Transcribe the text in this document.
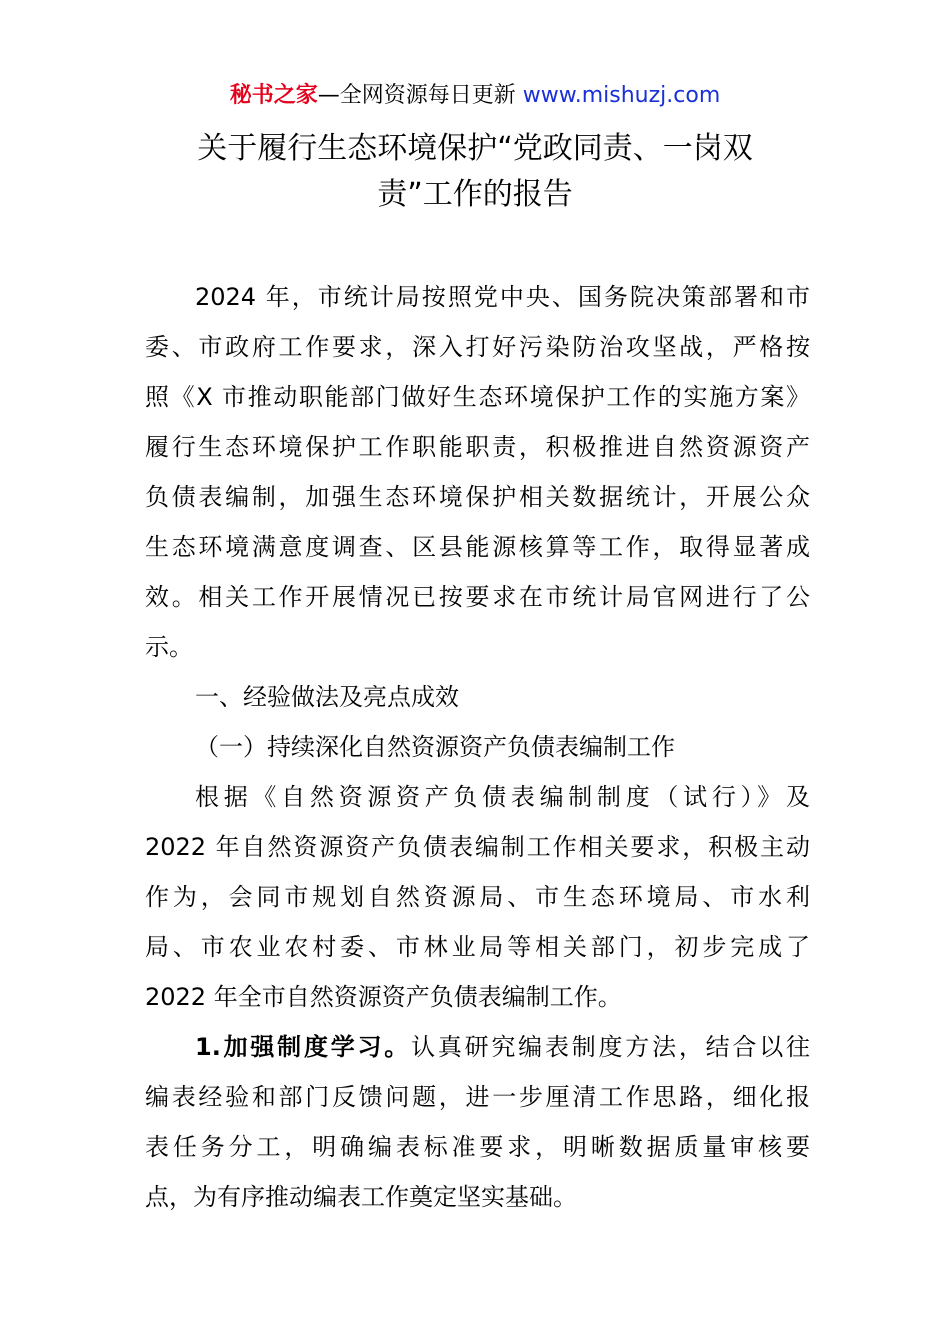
秘书之家—全网资源每日更新 www.mishuzj.com
关于履行生态环境保护“党政同责、一岗双
责”工作的报告
2024 年，市统计局按照党中央、国务院决策部署和市
委、市政府工作要求，深入打好污染防治攻坚战，严格按
照《X 市推动职能部门做好生态环境保护工作的实施方案》
履行生态环境保护工作职能职责，积极推进自然资源资产
负债表编制，加强生态环境保护相关数据统计，开展公众
生态环境满意度调查、区县能源核算等工作，取得显著成
效。相关工作开展情况已按要求在市统计局官网进行了公
示。
一、经验做法及亮点成效
（一）持续深化自然资源资产负债表编制工作
根据《自然资源资产负债表编制制度（试行）》及
2022 年自然资源资产负债表编制工作相关要求，积极主动
作为，会同市规划自然资源局、市生态环境局、市水利
局、市农业农村委、市林业局等相关部门，初步完成了
2022 年全市自然资源资产负债表编制工作。
1.加强制度学习。认真研究编表制度方法，结合以往
编表经验和部门反馈问题，进一步厘清工作思路，细化报
表任务分工，明确编表标准要求，明晰数据质量审核要
点，为有序推动编表工作奠定坚实基础。
